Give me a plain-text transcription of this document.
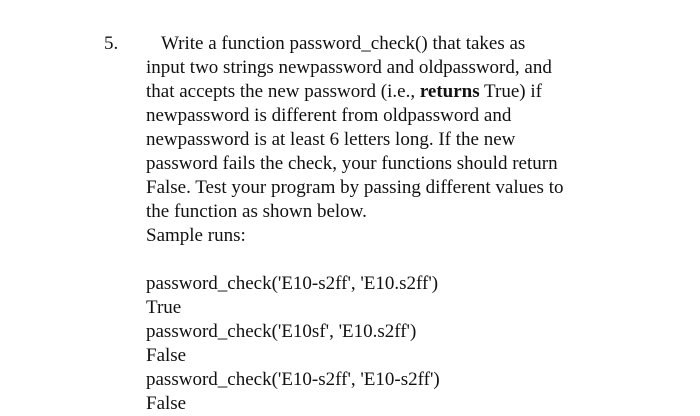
5. Write a function password_check() that takes as
input two strings newpassword and oldpassword, and
that accepts the new password (i.e., returns True) if
newpassword is different from oldpassword and
newpassword is at least 6 letters long. If the new
password fails the check, your functions should return
False. Test your program by passing different values to
the function as shown below.
Sample runs:
password_check('E10-s2ff', 'E10.s2ff')
True
password_check('E10sf', 'E10.s2ff')
False
password_check('E10-s2ff', 'E10-s2ff')
False
